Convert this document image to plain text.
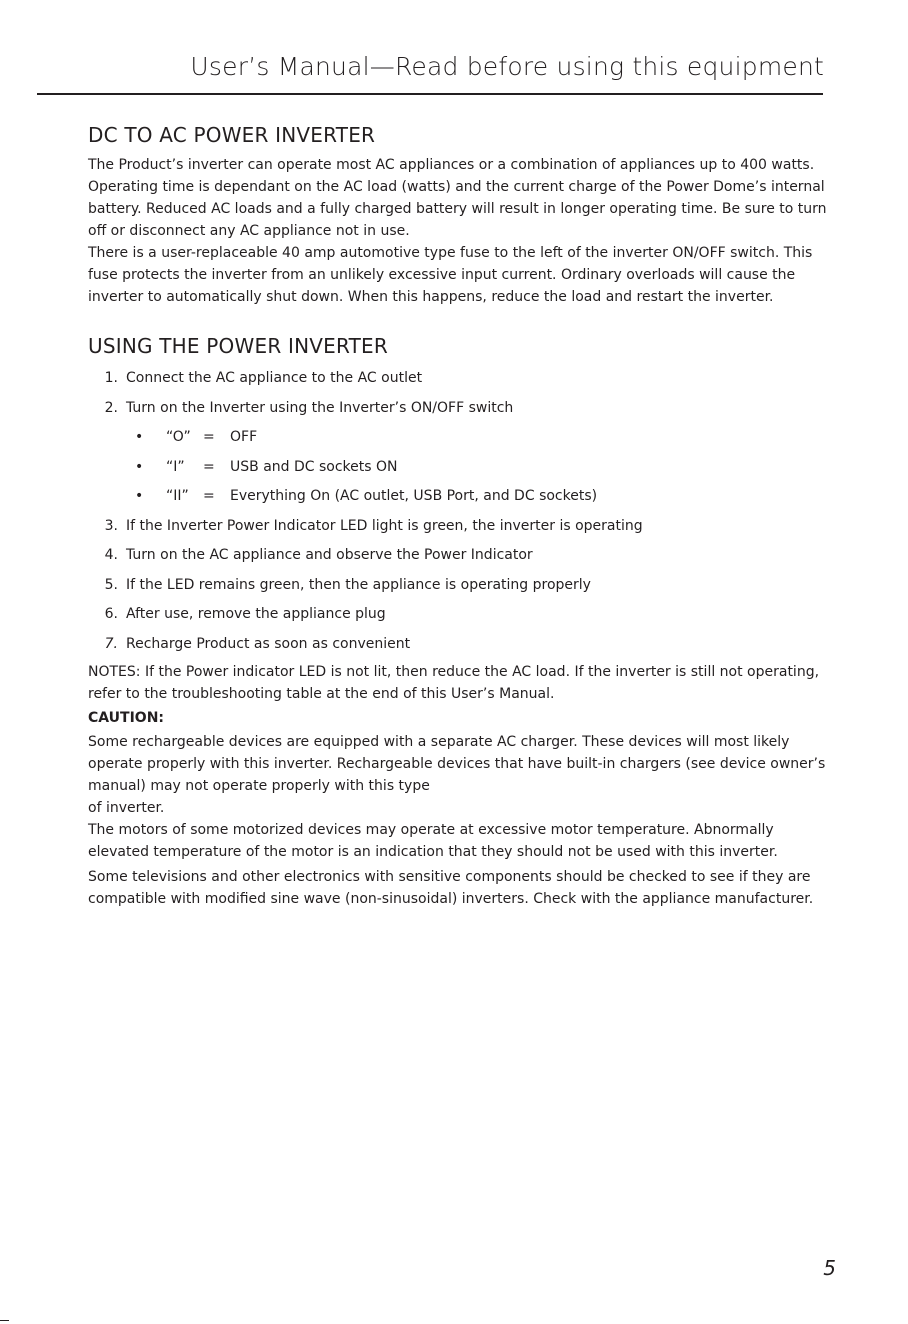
User’s Manual—Read before using this equipment
DC TO AC POWER INVERTER

The Product’s inverter can operate most AC appliances or a combination of appliances up to 400 watts. Operating time is dependant on the AC load (watts) and the current charge of the Power Dome’s internal battery. Reduced AC loads and a fully charged battery will result in longer operating time. Be sure to turn off or disconnect any AC appliance not in use.

There is a user-replaceable 40 amp automotive type fuse to the left of the inverter ON/OFF switch. This fuse protects the inverter from an unlikely excessive input current. Ordinary overloads will cause the inverter to automatically shut down. When this happens, reduce the load and restart the inverter.

USING THE POWER INVERTER
1. Connect the AC appliance to the AC outlet
2. Turn on the Inverter using the Inverter’s ON/OFF switch
•	“O” =	OFF
•	“I”	=	USB and DC sockets ON
•	“II”	=	Everything On (AC outlet, USB Port, and DC sockets)
3. If the Inverter Power Indicator LED light is green, the inverter is operating
4. Turn on the AC appliance and observe the Power Indicator
5. If the LED remains green, then the appliance is operating properly
6. After use, remove the appliance plug
7. Recharge Product as soon as convenient

NOTES: If the Power indicator LED is not lit, then reduce the AC load. If the inverter is still not operating, refer to the troubleshooting table at the end of this User’s Manual.

CAUTION:

Some rechargeable devices are equipped with a separate AC charger. These devices will most likely operate properly with this inverter. Rechargeable devices that have built-in chargers (see device owner’s manual) may not operate properly with this type

of inverter.

The motors of some motorized devices may operate at excessive motor temperature. Abnormally elevated temperature of the motor is an indication that they should not be used with this inverter.

Some televisions and other electronics with sensitive components should be checked to see if they are compatible with modified sine wave (non-sinusoidal) inverters. Check with the appliance manufacturer.

5
